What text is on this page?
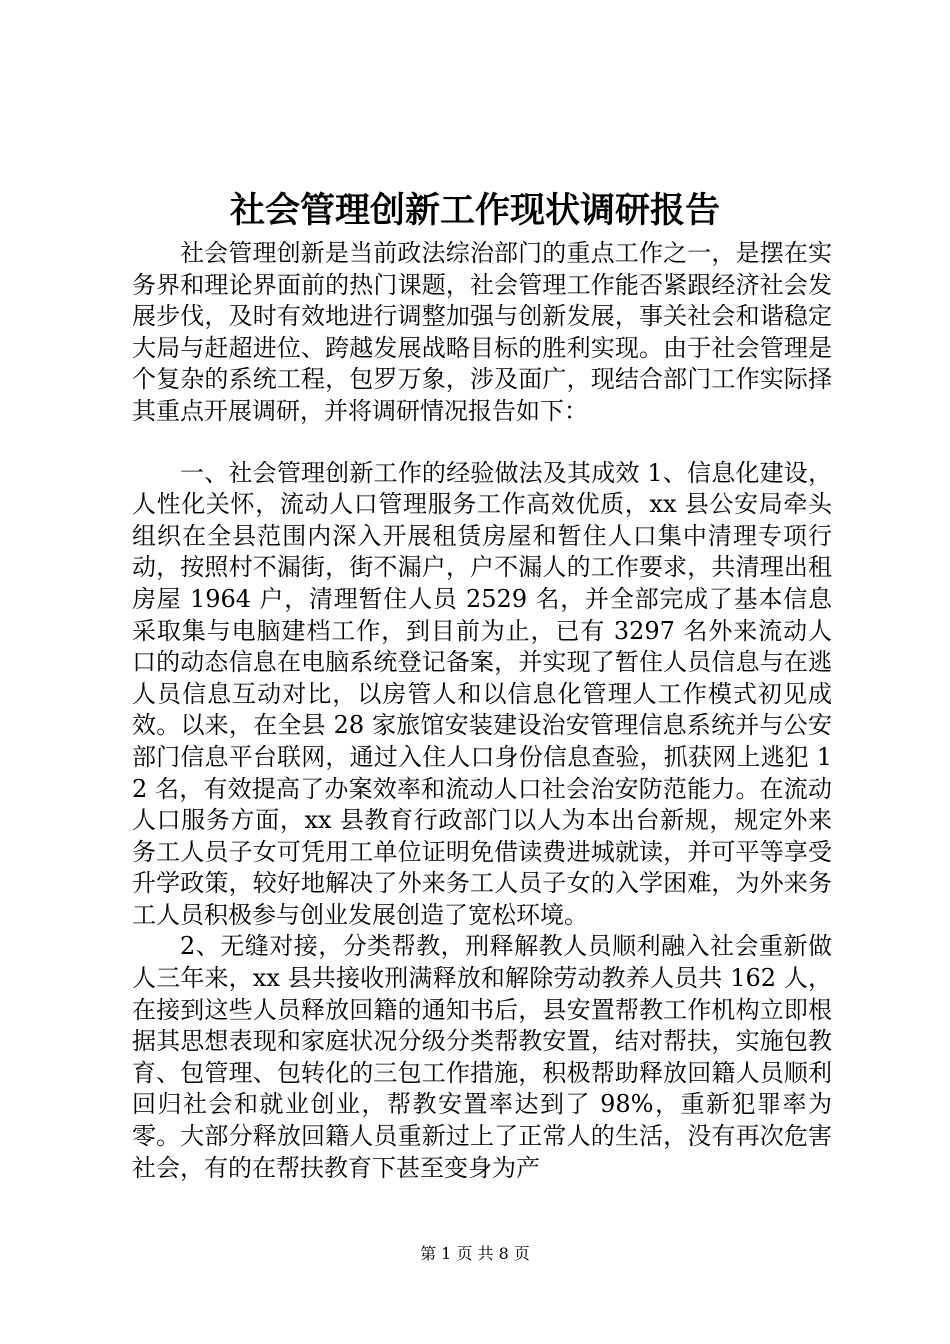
社会管理创新工作现状调研报告

社会管理创新是当前政法综治部门的重点工作之一，是摆在实务界和理论界面前的热门课题，社会管理工作能否紧跟经济社会发展步伐，及时有效地进行调整加强与创新发展，事关社会和谐稳定大局与赶超进位、跨越发展战略目标的胜利实现。由于社会管理是个复杂的系统工程，包罗万象，涉及面广，现结合部门工作实际择其重点开展调研，并将调研情况报告如下：

一、社会管理创新工作的经验做法及其成效 1、信息化建设，人性化关怀，流动人口管理服务工作高效优质，xx 县公安局牵头组织在全县范围内深入开展租赁房屋和暂住人口集中清理专项行动，按照村不漏街，街不漏户，户不漏人的工作要求，共清理出租房屋 1964 户，清理暂住人员 2529 名，并全部完成了基本信息采取集与电脑建档工作，到目前为止，已有 3297 名外来流动人口的动态信息在电脑系统登记备案，并实现了暂住人员信息与在逃人员信息互动对比，以房管人和以信息化管理人工作模式初见成效。以来，在全县 28 家旅馆安装建设治安管理信息系统并与公安部门信息平台联网，通过入住人口身份信息查验，抓获网上逃犯 12 名，有效提高了办案效率和流动人口社会治安防范能力。在流动人口服务方面，xx 县教育行政部门以人为本出台新规，规定外来务工人员子女可凭用工单位证明免借读费进城就读，并可平等享受升学政策，较好地解决了外来务工人员子女的入学困难，为外来务工人员积极参与创业发展创造了宽松环境。

2、无缝对接，分类帮教，刑释解教人员顺利融入社会重新做人三年来，xx 县共接收刑满释放和解除劳动教养人员共 162 人，在接到这些人员释放回籍的通知书后，县安置帮教工作机构立即根据其思想表现和家庭状况分级分类帮教安置，结对帮扶，实施包教育、包管理、包转化的三包工作措施，积极帮助释放回籍人员顺利回归社会和就业创业，帮教安置率达到了 98%，重新犯罪率为零。大部分释放回籍人员重新过上了正常人的生活，没有再次危害社会，有的在帮扶教育下甚至变身为产

第 1 页 共 8 页
